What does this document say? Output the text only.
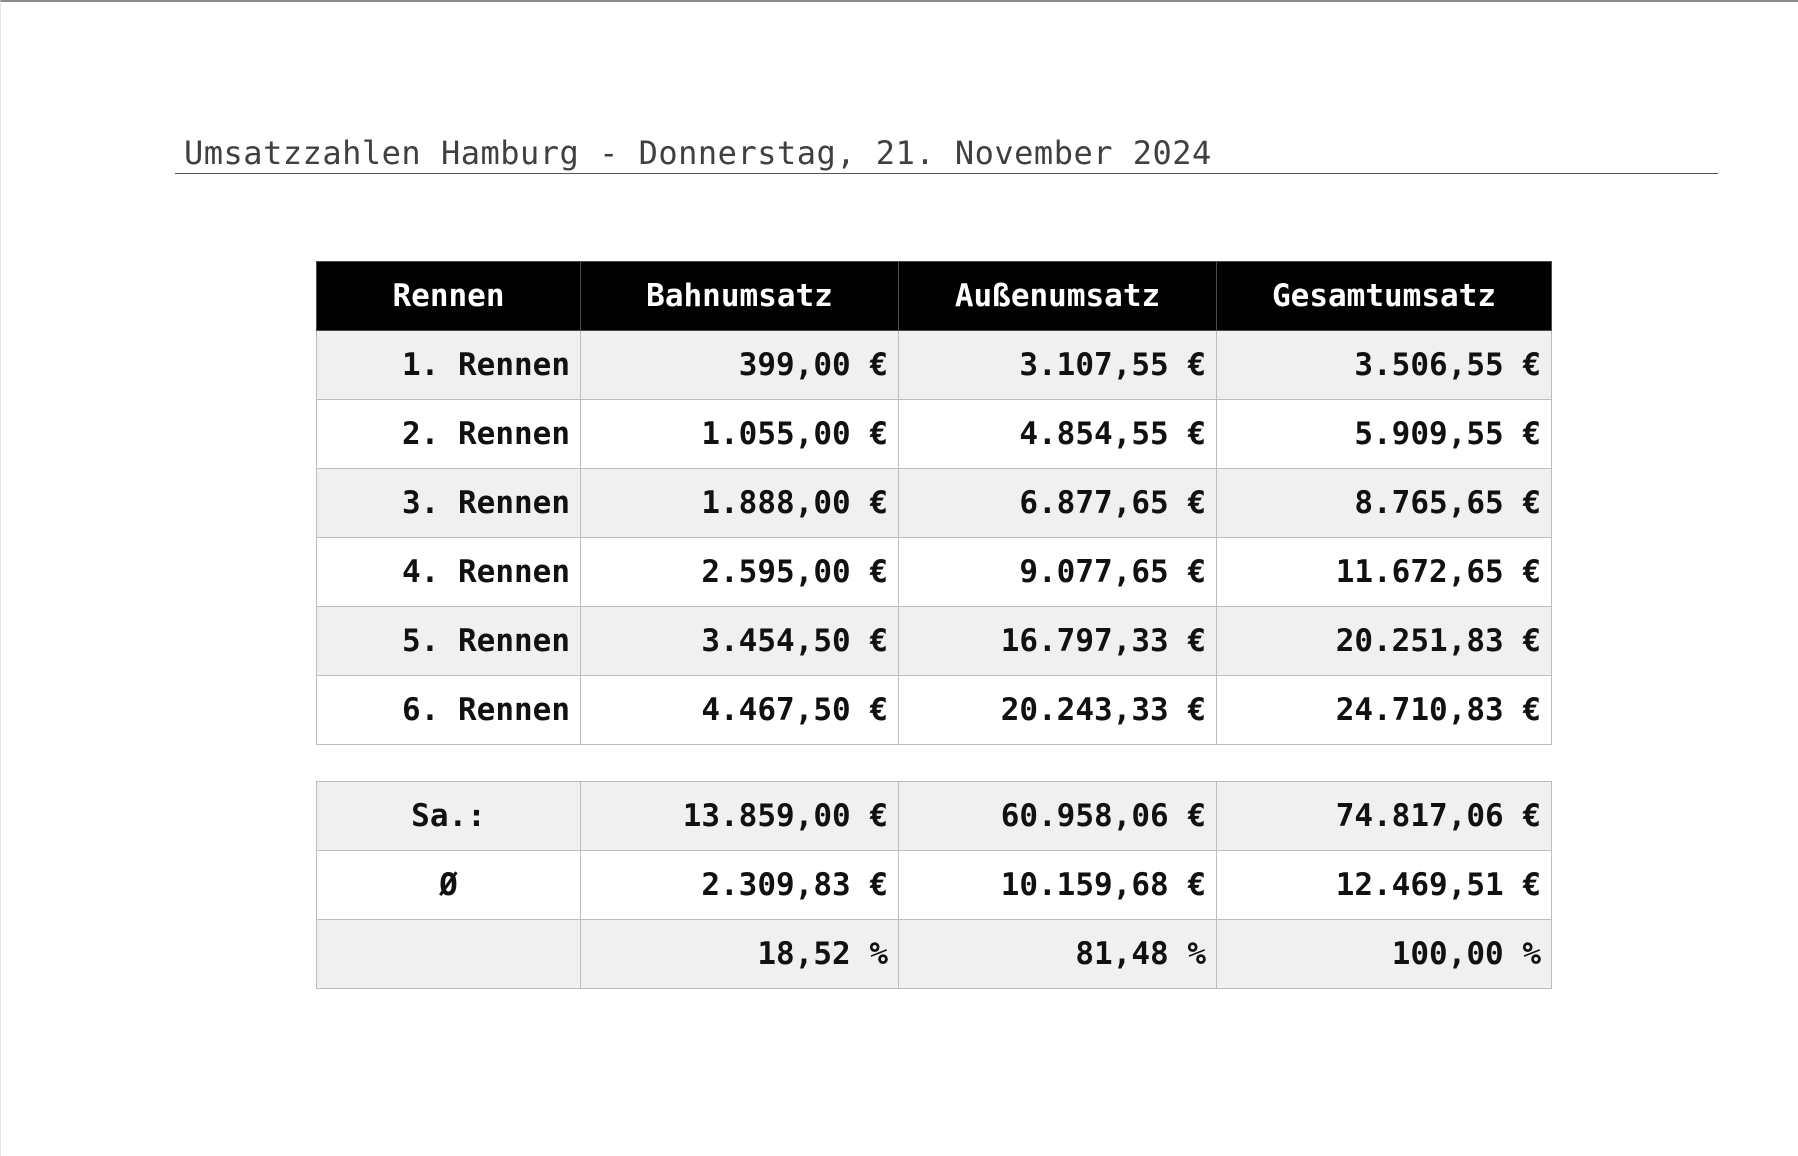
Umsatzzahlen Hamburg - Donnerstag, 21. November 2024
Rennen	Bahnumsatz	Außenumsatz	Gesamtumsatz
1. Rennen	399,00 €	3.107,55 €	3.506,55 €
2. Rennen	1.055,00 €	4.854,55 €	5.909,55 €
3. Rennen	1.888,00 €	6.877,65 €	8.765,65 €
4. Rennen	2.595,00 €	9.077,65 €	11.672,65 €
5. Rennen	3.454,50 €	16.797,33 €	20.251,83 €
6. Rennen	4.467,50 €	20.243,33 €	24.710,83 €
Sa.:	13.859,00 €	60.958,06 €	74.817,06 €
Ø	2.309,83 €	10.159,68 €	12.469,51 €
	18,52 %	81,48 %	100,00 %
